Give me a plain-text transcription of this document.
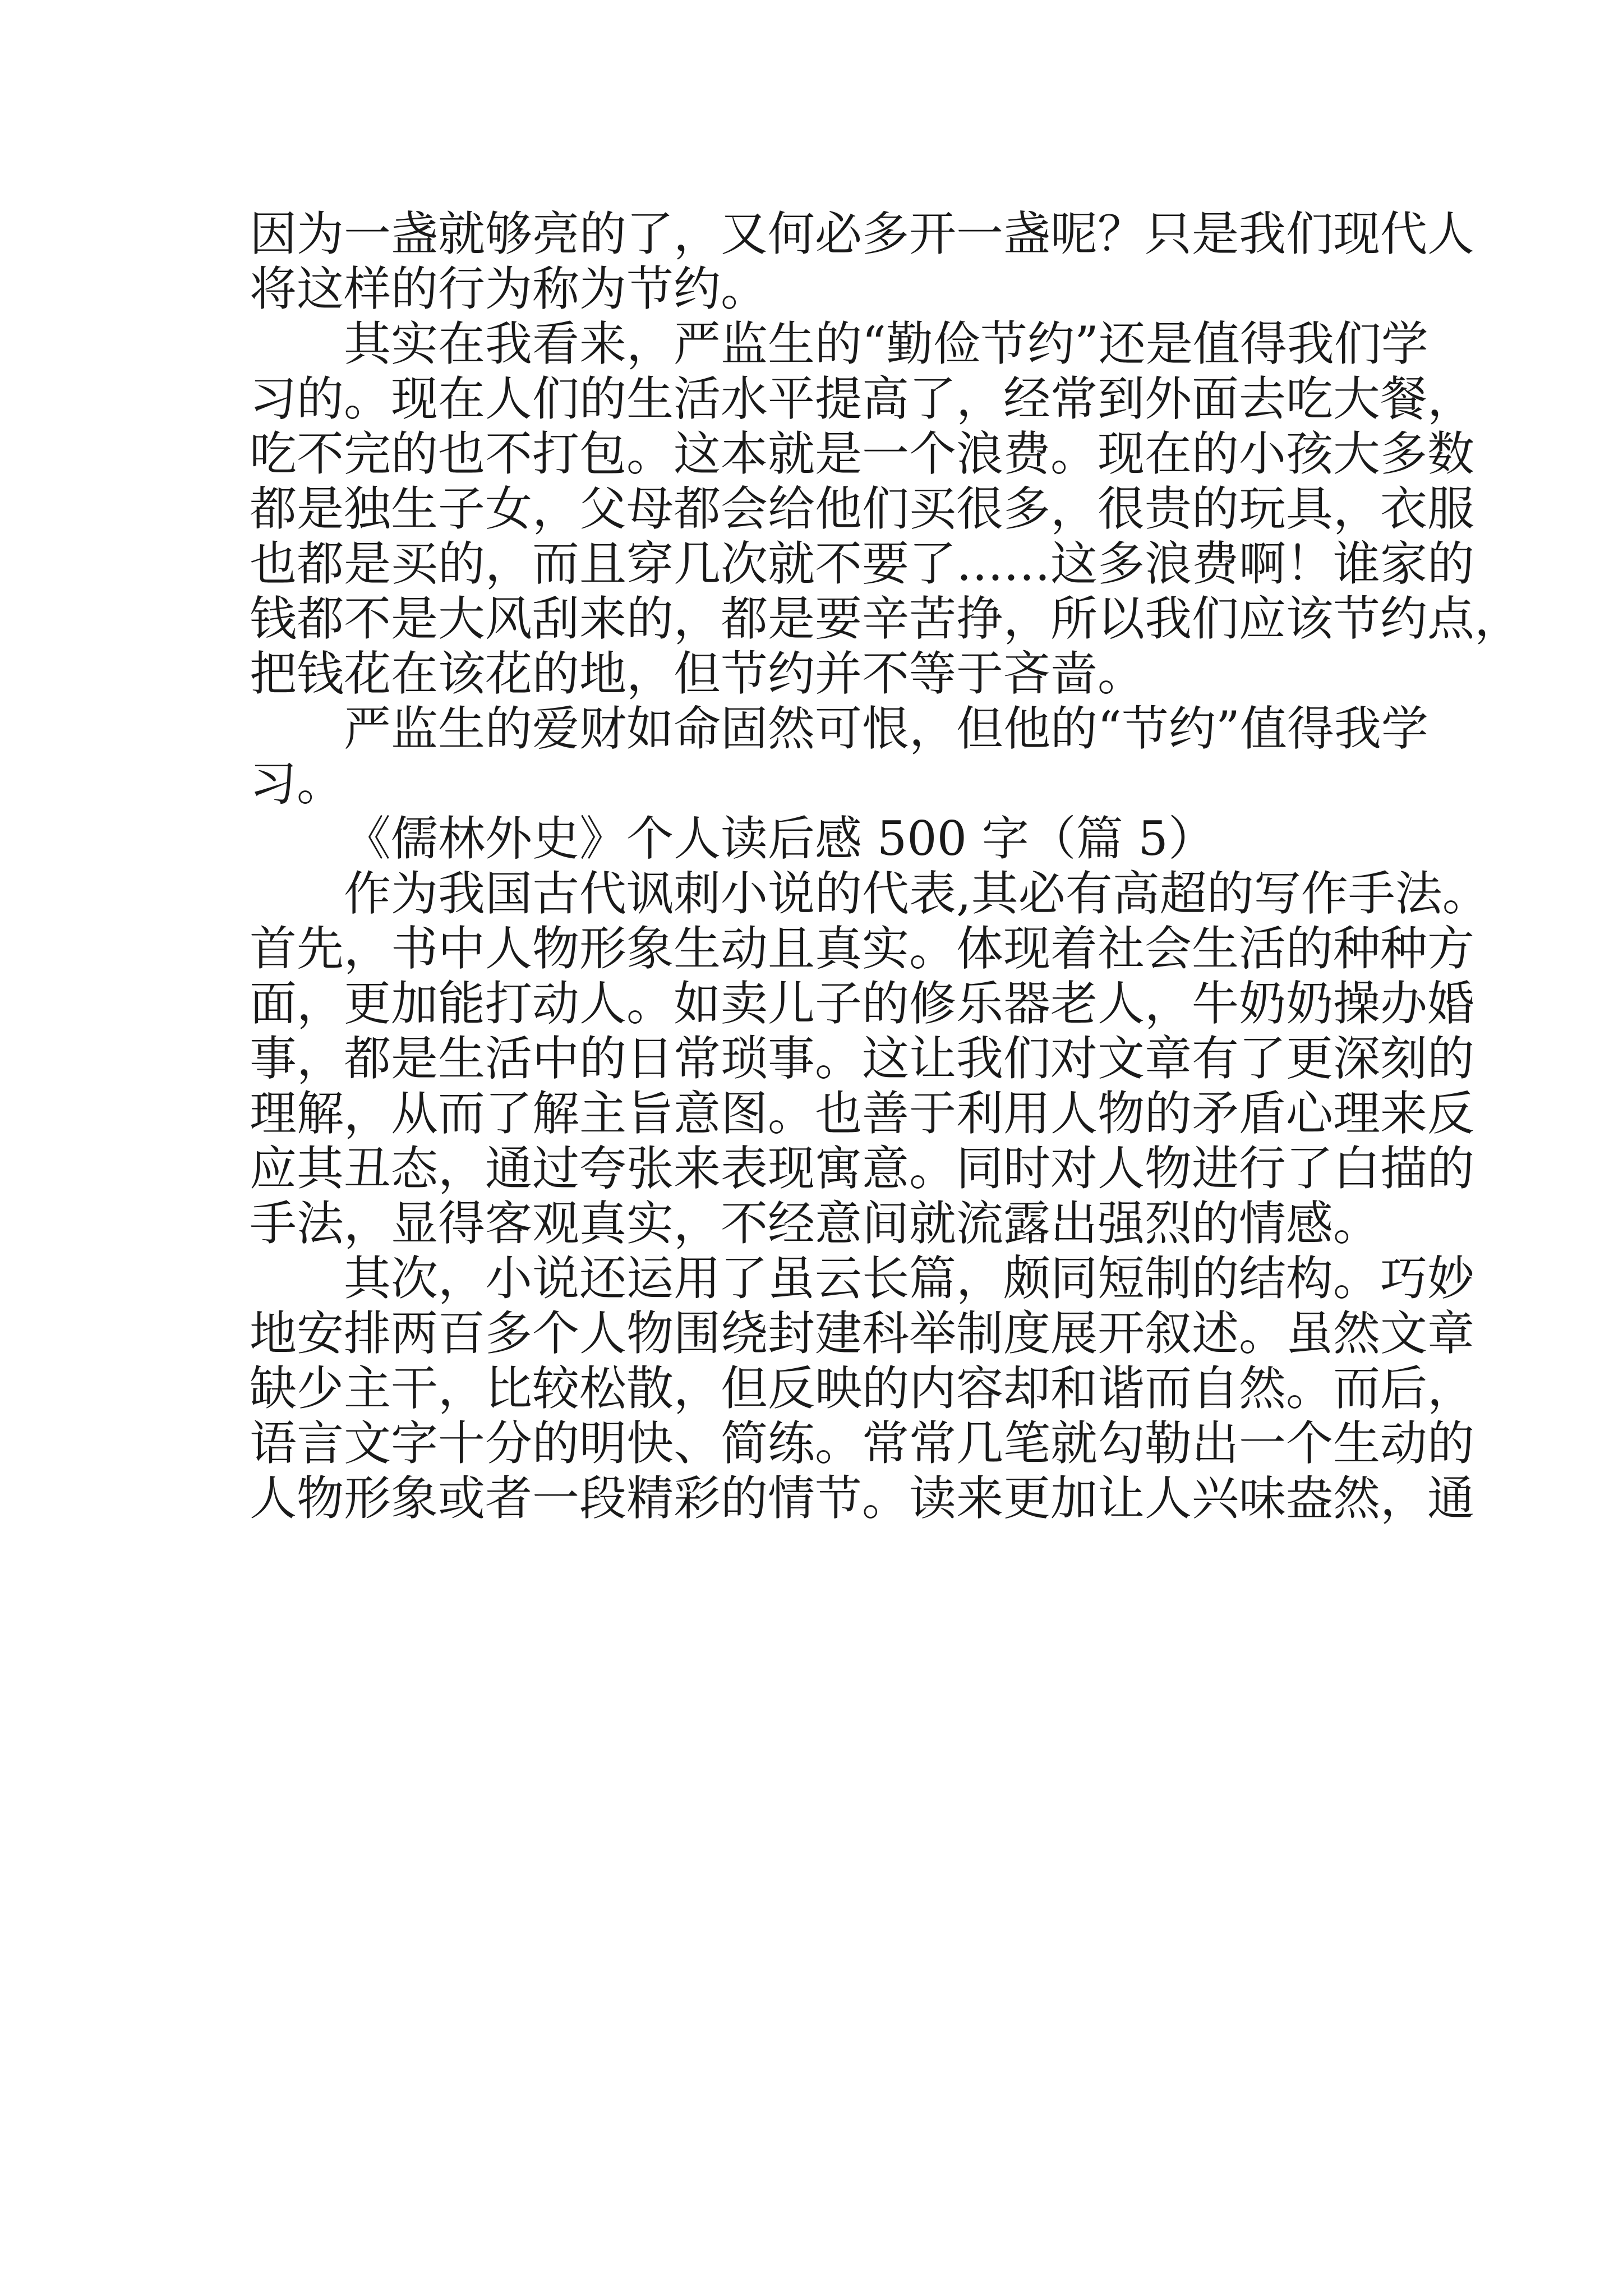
因为一盏就够亮的了，又何必多开一盏呢？只是我们现代人
将这样的行为称为节约。
其实在我看来，严监生的“勤俭节约”还是值得我们学
习的。现在人们的生活水平提高了，经常到外面去吃大餐，
吃不完的也不打包。这本就是一个浪费。现在的小孩大多数
都是独生子女，父母都会给他们买很多，很贵的玩具，衣服
也都是买的，而且穿几次就不要了……这多浪费啊！谁家的
钱都不是大风刮来的，都是要辛苦挣，所以我们应该节约点，
把钱花在该花的地，但节约并不等于吝啬。
严监生的爱财如命固然可恨，但他的“节约”值得我学
习。
《儒林外史》个人读后感 500 字（篇 5）
作为我国古代讽刺小说的代表,其必有高超的写作手法。
首先，书中人物形象生动且真实。体现着社会生活的种种方
面，更加能打动人。如卖儿子的修乐器老人，牛奶奶操办婚
事，都是生活中的日常琐事。这让我们对文章有了更深刻的
理解，从而了解主旨意图。也善于利用人物的矛盾心理来反
应其丑态，通过夸张来表现寓意。同时对人物进行了白描的
手法，显得客观真实，不经意间就流露出强烈的情感。
其次，小说还运用了虽云长篇，颇同短制的结构。巧妙
地安排两百多个人物围绕封建科举制度展开叙述。虽然文章
缺少主干，比较松散，但反映的内容却和谐而自然。而后，
语言文字十分的明快、简练。常常几笔就勾勒出一个生动的
人物形象或者一段精彩的情节。读来更加让人兴味盎然，通
